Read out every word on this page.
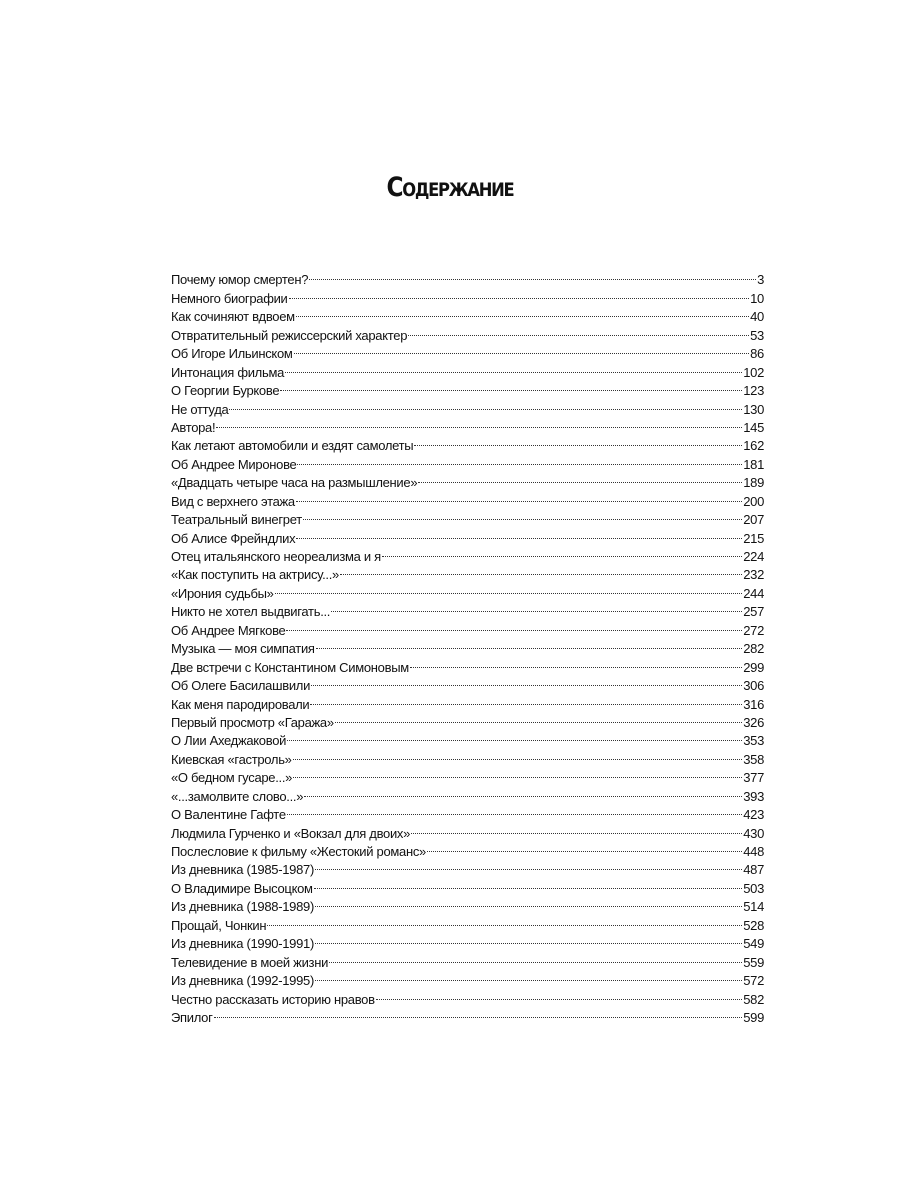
Содержание
Почему юмор смертен?	3
Немного биографии	10
Как сочиняют вдвоем	40
Отвратительный режиссерский характер	53
Об Игоре Ильинском	86
Интонация фильма	102
О Георгии Буркове	123
Не оттуда	130
Автора!	145
Как летают автомобили и ездят самолеты	162
Об Андрее Миронове	181
«Двадцать четыре часа на размышление»	189
Вид с верхнего этажа	200
Театральный винегрет	207
Об Алисе Фрейндлих	215
Отец итальянского неореализма и я	224
«Как поступить на актрису...»	232
«Ирония судьбы»	244
Никто не хотел выдвигать...	257
Об Андрее Мягкове	272
Музыка — моя симпатия	282
Две встречи с Константином Симоновым	299
Об Олеге Басилашвили	306
Как меня пародировали	316
Первый просмотр «Гаража»	326
О Лии Ахеджаковой	353
Киевская «гастроль»	358
«О бедном гусаре...»	377
«...замолвите слово...»	393
О Валентине Гафте	423
Людмила Гурченко и «Вокзал для двоих»	430
Послесловие к фильму «Жестокий романс»	448
Из дневника (1985-1987)	487
О Владимире Высоцком	503
Из дневника (1988-1989)	514
Прощай, Чонкин	528
Из дневника (1990-1991)	549
Телевидение в моей жизни	559
Из дневника (1992-1995)	572
Честно рассказать историю нравов	582
Эпилог	599
